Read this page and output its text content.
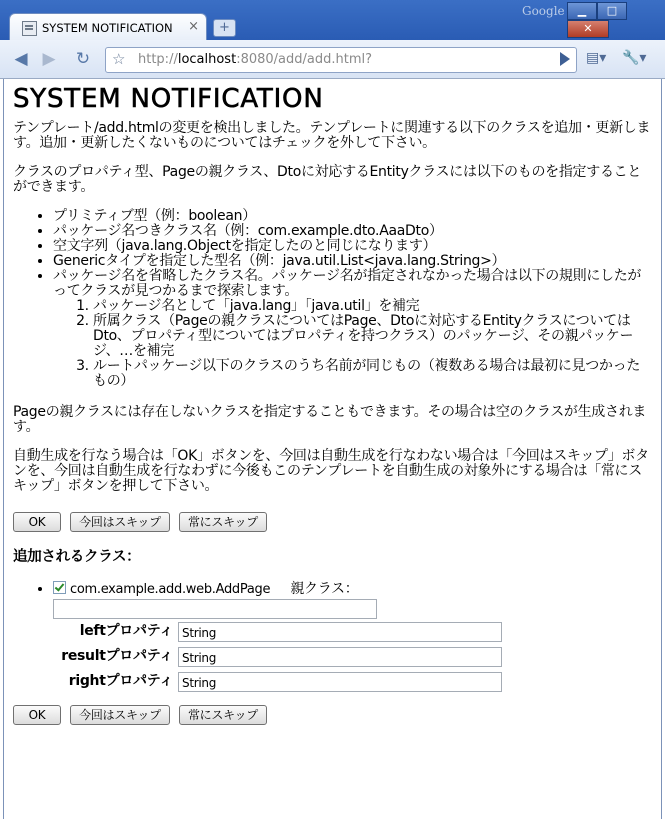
SYSTEM NOTIFICATION ×	+
Google	▁	□
✕
◀ ▶ ↻ ☆ http://localhost:8080/add/add.html?	▤▾ 🔧▾
SYSTEM NOTIFICATION

テンプレート/add.htmlの変更を検出しました。テンプレートに関連する以下のクラスを追加・更新します。追加・更新したくないものについてはチェックを外して下さい。

クラスのプロパティ型、Pageの親クラス、Dtoに対応するEntityクラスには以下のものを指定することができます。

• プリミティブ型（例：boolean）
• パッケージ名つきクラス名（例：com.example.dto.AaaDto）
• 空文字列（java.lang.Objectを指定したのと同じになります）
• Genericタイプを指定した型名（例：java.util.List<java.lang.String>）
• パッケージ名を省略したクラス名。パッケージ名が指定されなかった場合は以下の規則にしたがってクラスが見つかるまで探索します。
1. パッケージ名として「java.lang」「java.util」を補完
2. 所属クラス（Pageの親クラスについてはPage、Dtoに対応するEntityクラスについてはDto、プロパティ型についてはプロパティを持つクラス）のパッケージ、その親パッケージ、…を補完
3. ルートパッケージ以下のクラスのうち名前が同じもの（複数ある場合は最初に見つかったもの）

Pageの親クラスには存在しないクラスを指定することもできます。その場合は空のクラスが生成されます。

自動生成を行なう場合は「OK」ボタンを、今回は自動生成を行なわない場合は「今回はスキップ」ボタンを、今回は自動生成を行なわずに今後もこのテンプレートを自動生成の対象外にする場合は「常にスキップ」ボタンを押して下さい。

OK	今回はスキップ 常にスキップ
追加されるクラス：
• com.example.add.web.AddPage 親クラス：

leftプロパティ String
resultプロパティ String
rightプロパティ String
OK	今回はスキップ 常にスキップ
